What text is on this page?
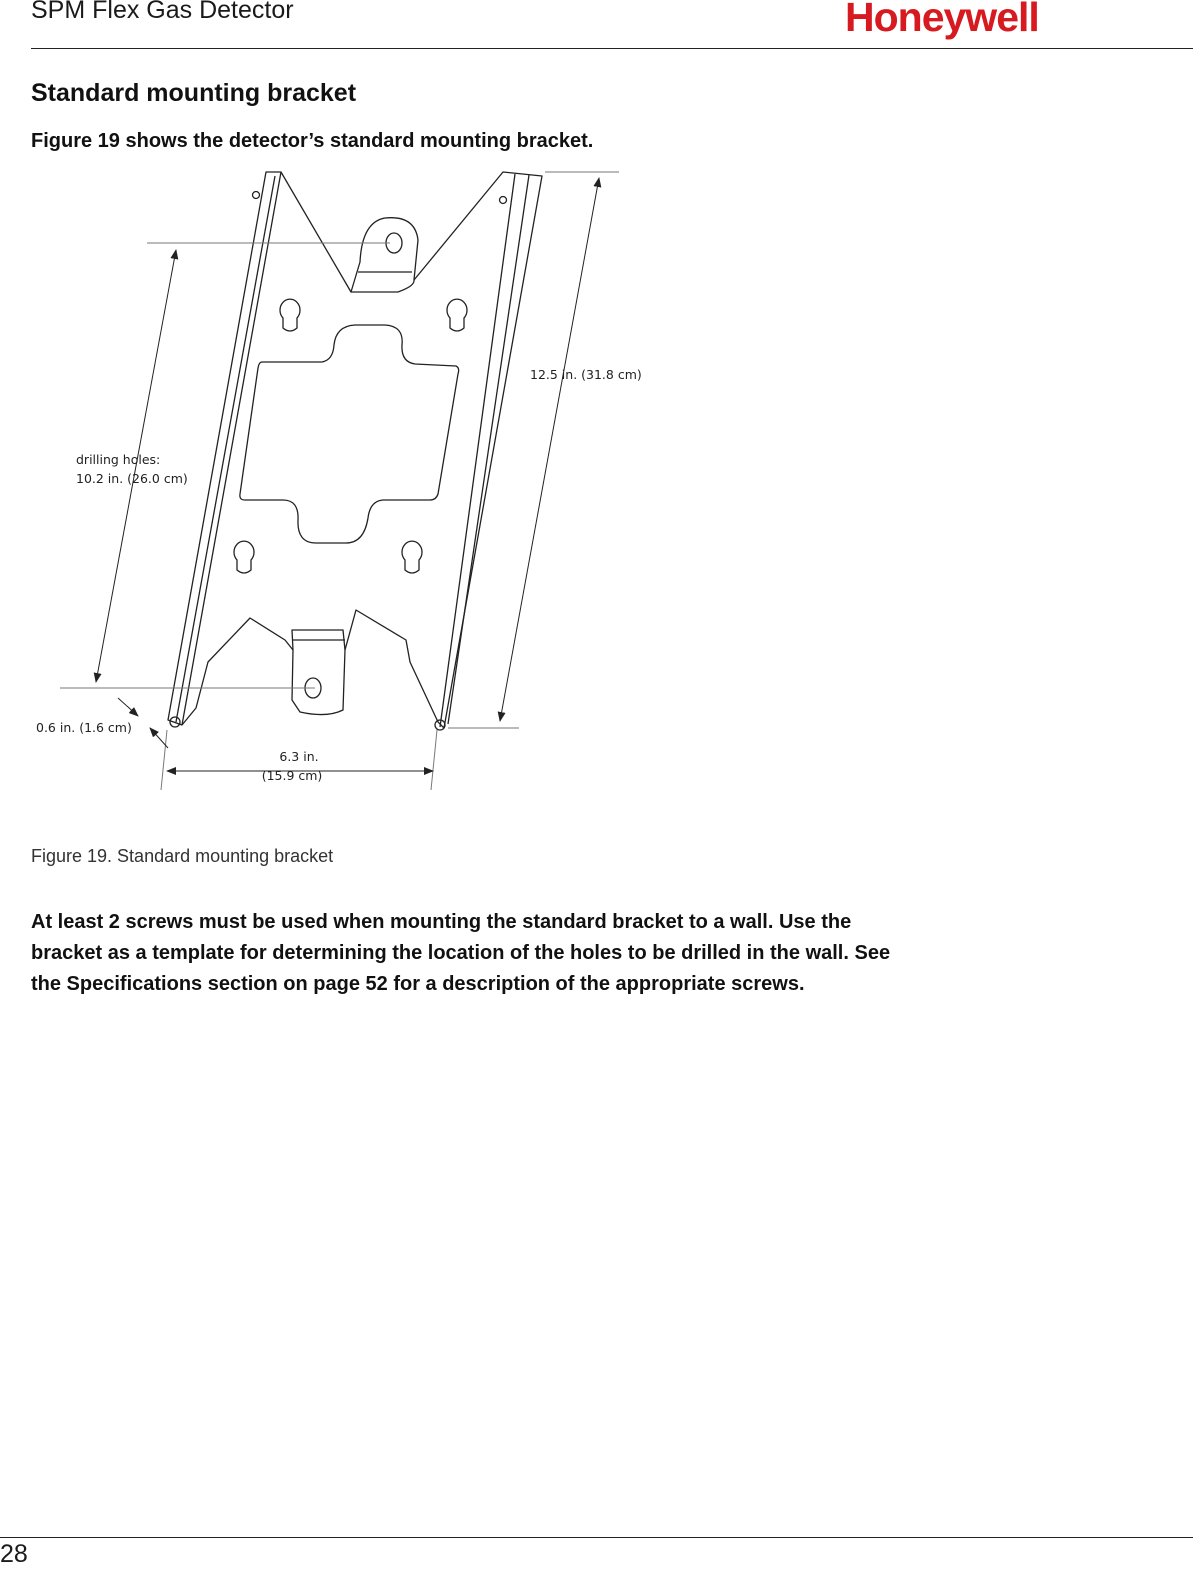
SPM Flex Gas Detector	Honeywell
Standard mounting bracket

Figure 19 shows the detector’s standard mounting bracket.

drilling holes:
10.2 in. (26.0 cm)
12.5 in. (31.8 cm)
0.6 in. (1.6 cm)
6.3 in.
(15.9 cm)

Figure 19. Standard mounting bracket

At least 2 screws must be used when mounting the standard bracket to a wall. Use the bracket as a template for determining the location of the holes to be drilled in the wall. See the Specifications section on page 52 for a description of the appropriate screws.

28
